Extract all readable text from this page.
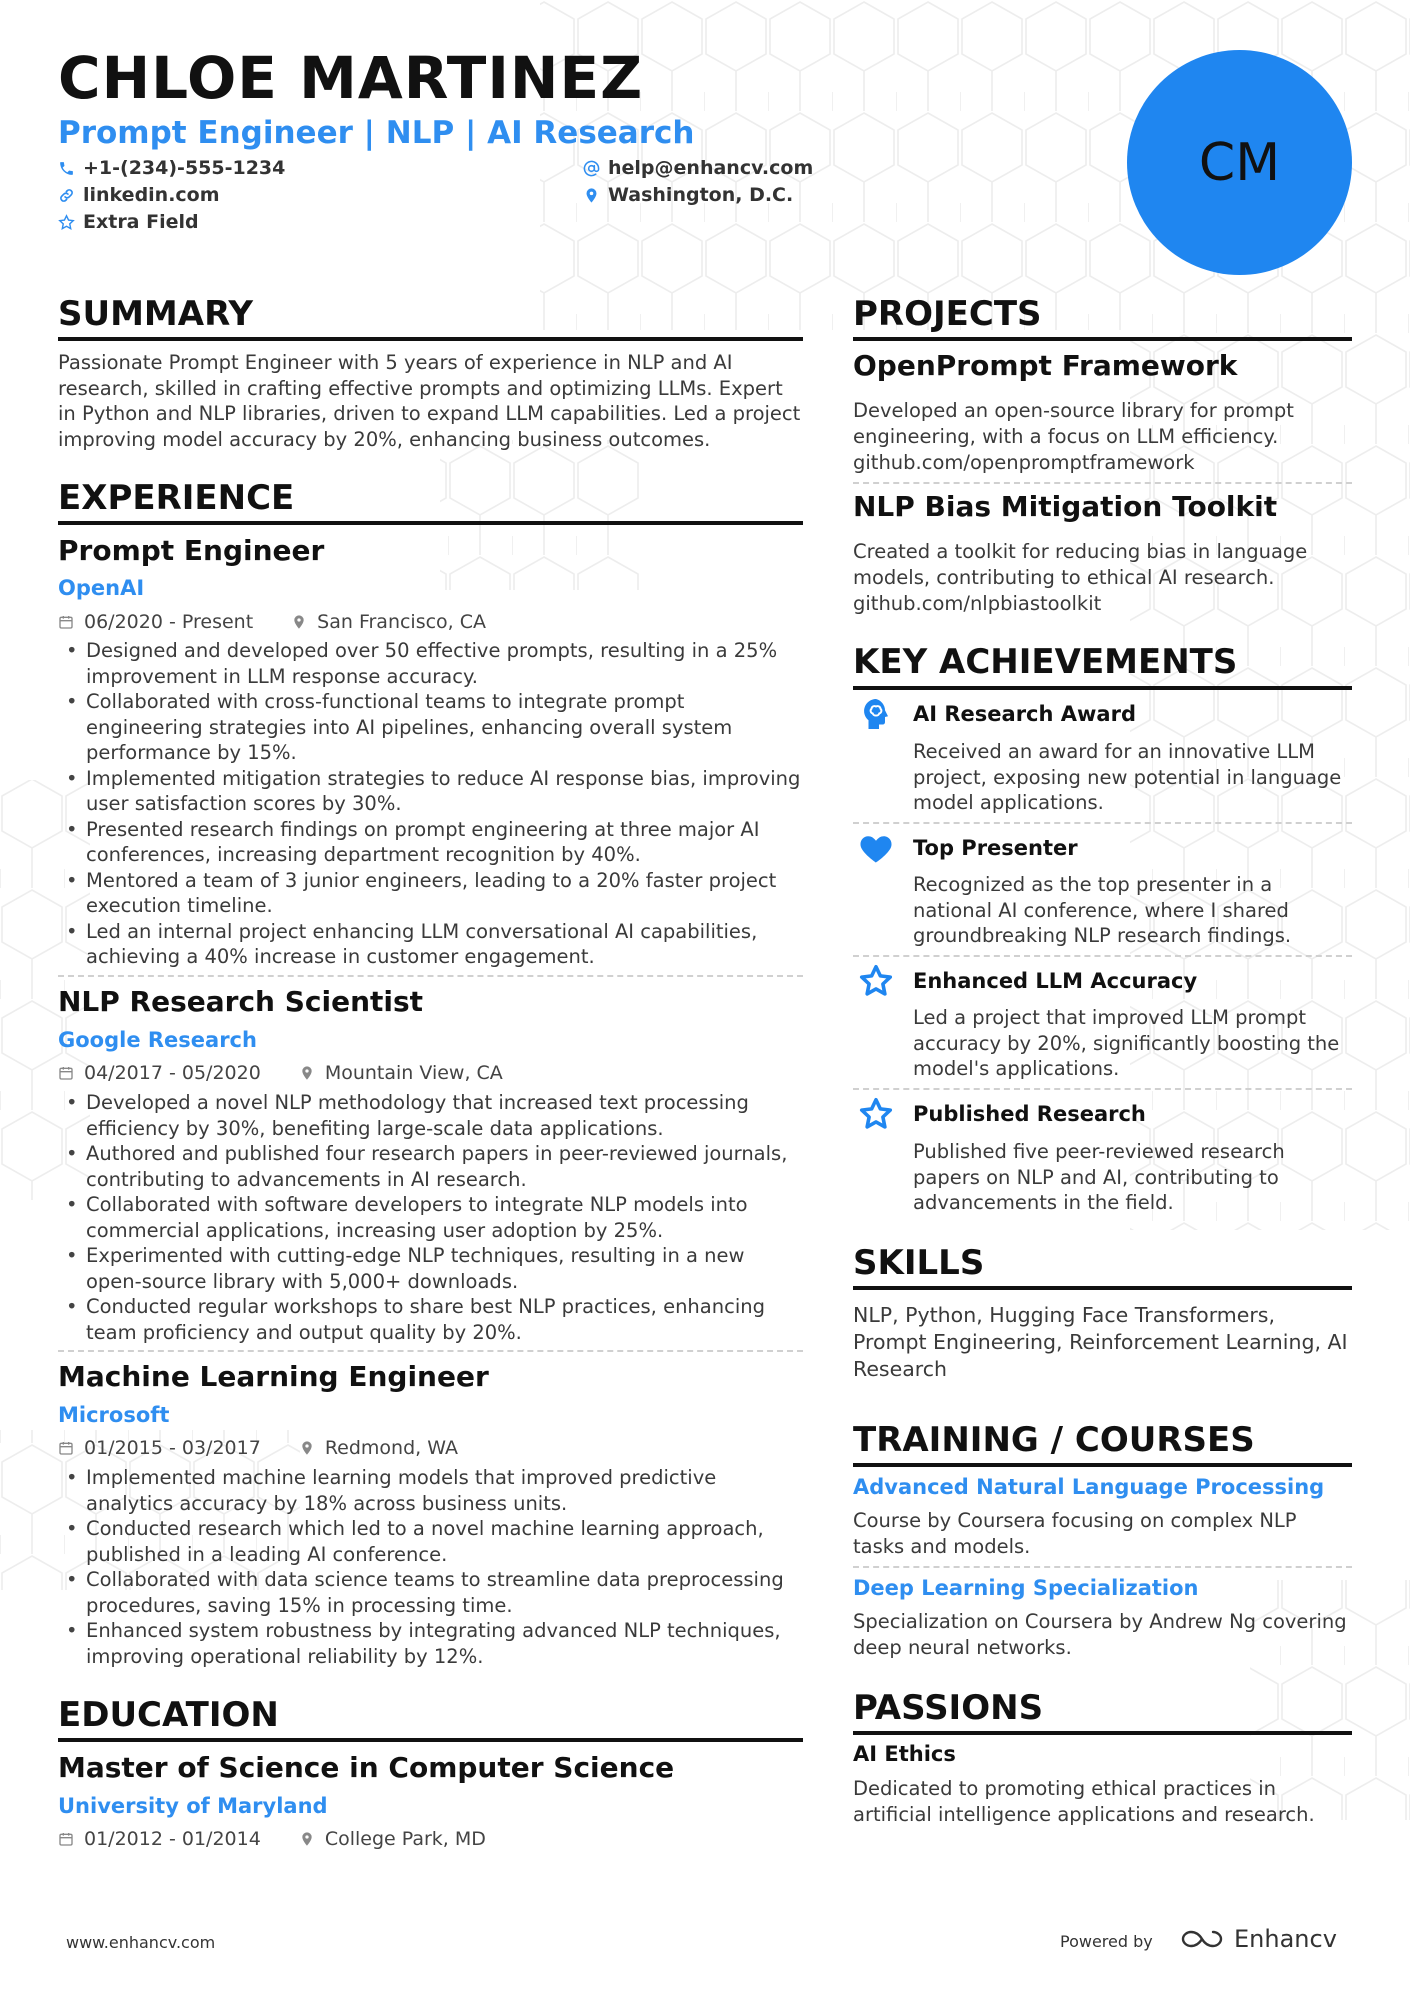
CHLOE MARTINEZ
Prompt Engineer | NLP | AI Research
+1-(234)-555-1234
linkedin.com
Extra Field
help@enhancv.com
Washington, D.C.
CM
SUMMARY

Passionate Prompt Engineer with 5 years of experience in NLP and AI research, skilled in crafting effective prompts and optimizing LLMs. Expert in Python and NLP libraries, driven to expand LLM capabilities. Led a project improving model accuracy by 20%, enhancing business outcomes.

EXPERIENCE
Prompt Engineer
OpenAI
06/2020 - Present	San Francisco, CA
• Designed and developed over 50 effective prompts, resulting in a 25% improvement in LLM response accuracy.
• Collaborated with cross-functional teams to integrate prompt engineering strategies into AI pipelines, enhancing overall system performance by 15%.
• Implemented mitigation strategies to reduce AI response bias, improving user satisfaction scores by 30%.
• Presented research findings on prompt engineering at three major AI conferences, increasing department recognition by 40%.
• Mentored a team of 3 junior engineers, leading to a 20% faster project execution timeline.
• Led an internal project enhancing LLM conversational AI capabilities, achieving a 40% increase in customer engagement.
NLP Research Scientist
Google Research
04/2017 - 05/2020	Mountain View, CA
• Developed a novel NLP methodology that increased text processing efficiency by 30%, benefiting large-scale data applications.
• Authored and published four research papers in peer-reviewed journals, contributing to advancements in AI research.
• Collaborated with software developers to integrate NLP models into commercial applications, increasing user adoption by 25%.
• Experimented with cutting-edge NLP techniques, resulting in a new open-source library with 5,000+ downloads.
• Conducted regular workshops to share best NLP practices, enhancing team proficiency and output quality by 20%.
Machine Learning Engineer
Microsoft
01/2015 - 03/2017	Redmond, WA
• Implemented machine learning models that improved predictive analytics accuracy by 18% across business units.
• Conducted research which led to a novel machine learning approach, published in a leading AI conference.
• Collaborated with data science teams to streamline data preprocessing procedures, saving 15% in processing time.
• Enhanced system robustness by integrating advanced NLP techniques, improving operational reliability by 12%.
EDUCATION
Master of Science in Computer Science
University of Maryland
01/2012 - 01/2014	College Park, MD
PROJECTS
OpenPrompt Framework

Developed an open-source library for prompt engineering, with a focus on LLM efficiency.

github.com/openpromptframework
NLP Bias Mitigation Toolkit

Created a toolkit for reducing bias in language models, contributing to ethical AI research.

github.com/nlpbiastoolkit
KEY ACHIEVEMENTS
AI Research Award

Received an award for an innovative LLM project, exposing new potential in language model applications.

Top Presenter

Recognized as the top presenter in a national AI conference, where I shared groundbreaking NLP research findings.

Enhanced LLM Accuracy

Led a project that improved LLM prompt accuracy by 20%, significantly boosting the model's applications.

Published Research

Published five peer-reviewed research papers on NLP and AI, contributing to advancements in the field.

SKILLS

NLP, Python, Hugging Face Transformers, Prompt Engineering, Reinforcement Learning, AI Research

TRAINING / COURSES
Advanced Natural Language Processing

Course by Coursera focusing on complex NLP tasks and models.

Deep Learning Specialization

Specialization on Coursera by Andrew Ng covering deep neural networks.

PASSIONS
AI Ethics

Dedicated to promoting ethical practices in artificial intelligence applications and research.

www.enhancv.com	Powered by	Enhancv
